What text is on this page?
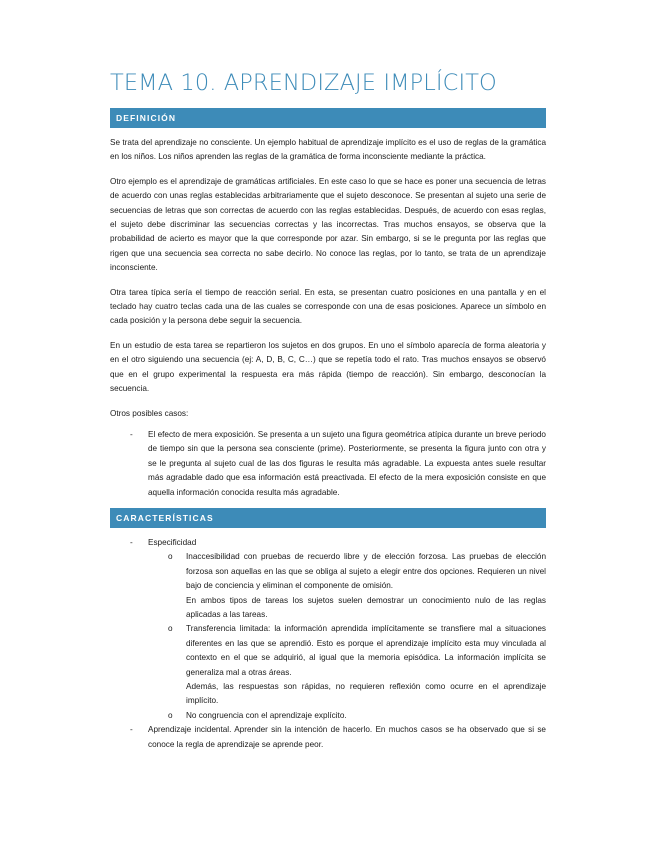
TEMA 10. APRENDIZAJE IMPLÍCITO
DEFINICIÓN

Se trata del aprendizaje no consciente. Un ejemplo habitual de aprendizaje implícito es el uso de reglas de la gramática en los niños. Los niños aprenden las reglas de la gramática de forma inconsciente mediante la práctica.

Otro ejemplo es el aprendizaje de gramáticas artificiales. En este caso lo que se hace es poner una secuencia de letras de acuerdo con unas reglas establecidas arbitrariamente que el sujeto desconoce. Se presentan al sujeto una serie de secuencias de letras que son correctas de acuerdo con las reglas establecidas. Después, de acuerdo con esas reglas, el sujeto debe discriminar las secuencias correctas y las incorrectas. Tras muchos ensayos, se observa que la probabilidad de acierto es mayor que la que corresponde por azar. Sin embargo, si se le pregunta por las reglas que rigen que una secuencia sea correcta no sabe decirlo. No conoce las reglas, por lo tanto, se trata de un aprendizaje inconsciente.

Otra tarea típica sería el tiempo de reacción serial. En esta, se presentan cuatro posiciones en una pantalla y en el teclado hay cuatro teclas cada una de las cuales se corresponde con una de esas posiciones. Aparece un símbolo en cada posición y la persona debe seguir la secuencia.

En un estudio de esta tarea se repartieron los sujetos en dos grupos. En uno el símbolo aparecía de forma aleatoria y en el otro siguiendo una secuencia (ej: A, D, B, C, C…) que se repetía todo el rato. Tras muchos ensayos se observó que en el grupo experimental la respuesta era más rápida (tiempo de reacción). Sin embargo, desconocían la secuencia.

Otros posibles casos:

- El efecto de mera exposición. Se presenta a un sujeto una figura geométrica atípica durante un breve periodo de tiempo sin que la persona sea consciente (prime). Posteriormente, se presenta la figura junto con otra y se le pregunta al sujeto cual de las dos figuras le resulta más agradable. La expuesta antes suele resultar más agradable dado que esa información está preactivada. El efecto de la mera exposición consiste en que aquella información conocida resulta más agradable.
CARACTERÍSTICAS
- Especificidad
o Inaccesibilidad con pruebas de recuerdo libre y de elección forzosa. Las pruebas de elección forzosa son aquellas en las que se obliga al sujeto a elegir entre dos opciones. Requieren un nivel bajo de conciencia y eliminan el componente de omisión.
En ambos tipos de tareas los sujetos suelen demostrar un conocimiento nulo de las reglas aplicadas a las tareas.
o Transferencia limitada: la información aprendida implícitamente se transfiere mal a situaciones diferentes en las que se aprendió. Esto es porque el aprendizaje implícito esta muy vinculada al contexto en el que se adquirió, al igual que la memoria episódica. La información implícita se generaliza mal a otras áreas.
Además, las respuestas son rápidas, no requieren reflexión como ocurre en el aprendizaje implícito.
o No congruencia con el aprendizaje explícito.
- Aprendizaje incidental. Aprender sin la intención de hacerlo. En muchos casos se ha observado que si se conoce la regla de aprendizaje se aprende peor.
